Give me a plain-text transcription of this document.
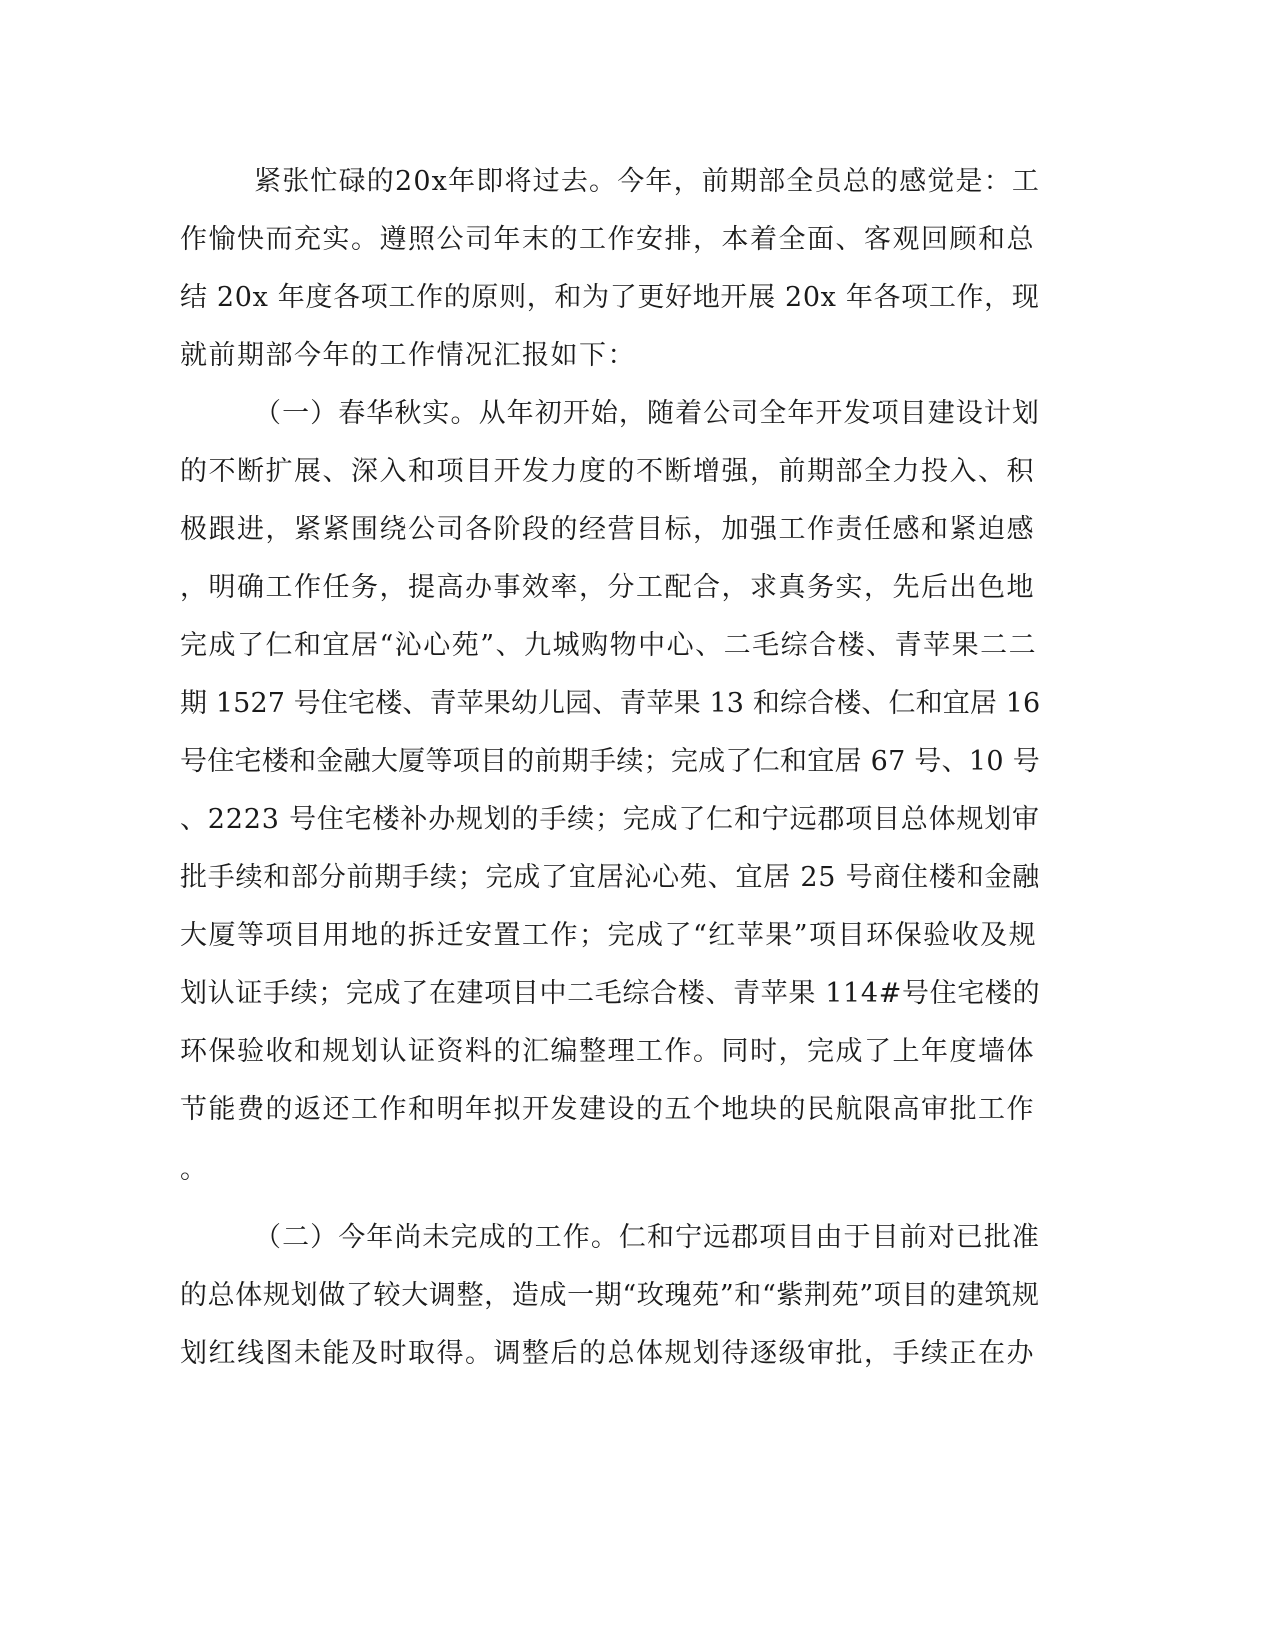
紧张忙碌的20x年即将过去。今年，前期部全员总的感觉是：工
作愉快而充实。遵照公司年末的工作安排，本着全面、客观回顾和总
结 20x 年度各项工作的原则，和为了更好地开展 20x 年各项工作，现
就前期部今年的工作情况汇报如下：
（一）春华秋实。从年初开始，随着公司全年开发项目建设计划
的不断扩展、深入和项目开发力度的不断增强，前期部全力投入、积
极跟进，紧紧围绕公司各阶段的经营目标，加强工作责任感和紧迫感
，明确工作任务，提高办事效率，分工配合，求真务实，先后出色地
完成了仁和宜居“沁心苑”、九城购物中心、二毛综合楼、青苹果二二
期 1527 号住宅楼、青苹果幼儿园、青苹果 13 和综合楼、仁和宜居 16
号住宅楼和金融大厦等项目的前期手续；完成了仁和宜居 67 号、10 号
、2223 号住宅楼补办规划的手续；完成了仁和宁远郡项目总体规划审
批手续和部分前期手续；完成了宜居沁心苑、宜居 25 号商住楼和金融
大厦等项目用地的拆迁安置工作；完成了“红苹果”项目环保验收及规
划认证手续；完成了在建项目中二毛综合楼、青苹果 114#号住宅楼的
环保验收和规划认证资料的汇编整理工作。同时，完成了上年度墙体
节能费的返还工作和明年拟开发建设的五个地块的民航限高审批工作
。
（二）今年尚未完成的工作。仁和宁远郡项目由于目前对已批准
的总体规划做了较大调整，造成一期“玫瑰苑”和“紫荆苑”项目的建筑规
划红线图未能及时取得。调整后的总体规划待逐级审批，手续正在办
